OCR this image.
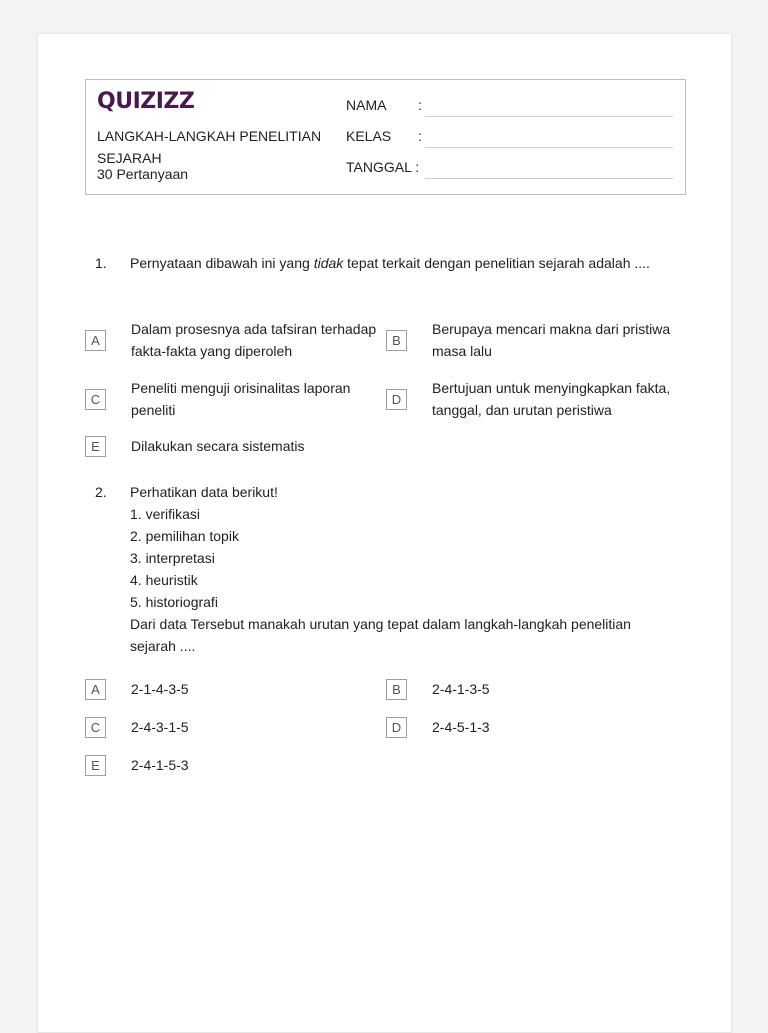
QUIZIZZ
LANGKAH-LANGKAH PENELITIAN SEJARAH
30 Pertanyaan
NAMA :
KELAS :
TANGGAL :
1. Pernyataan dibawah ini yang tidak tepat terkait dengan penelitian sejarah adalah ....
A
Dalam prosesnya ada tafsiran terhadap fakta-fakta yang diperoleh
B
Berupaya mencari makna dari pristiwa masa lalu
C
Peneliti menguji orisinalitas laporan peneliti
D
Bertujuan untuk menyingkapkan fakta, tanggal, dan urutan peristiwa
E	Dilakukan secara sistematis
2. Perhatikan data berikut!
1. verifikasi
2. pemilihan topik
3. interpretasi
4. heuristik
5. historiografi
Dari data Tersebut manakah urutan yang tepat dalam langkah-langkah penelitian sejarah ....
A	2-1-4-3-5	B	2-4-1-3-5
C	2-4-3-1-5	D	2-4-5-1-3
E	2-4-1-5-3
